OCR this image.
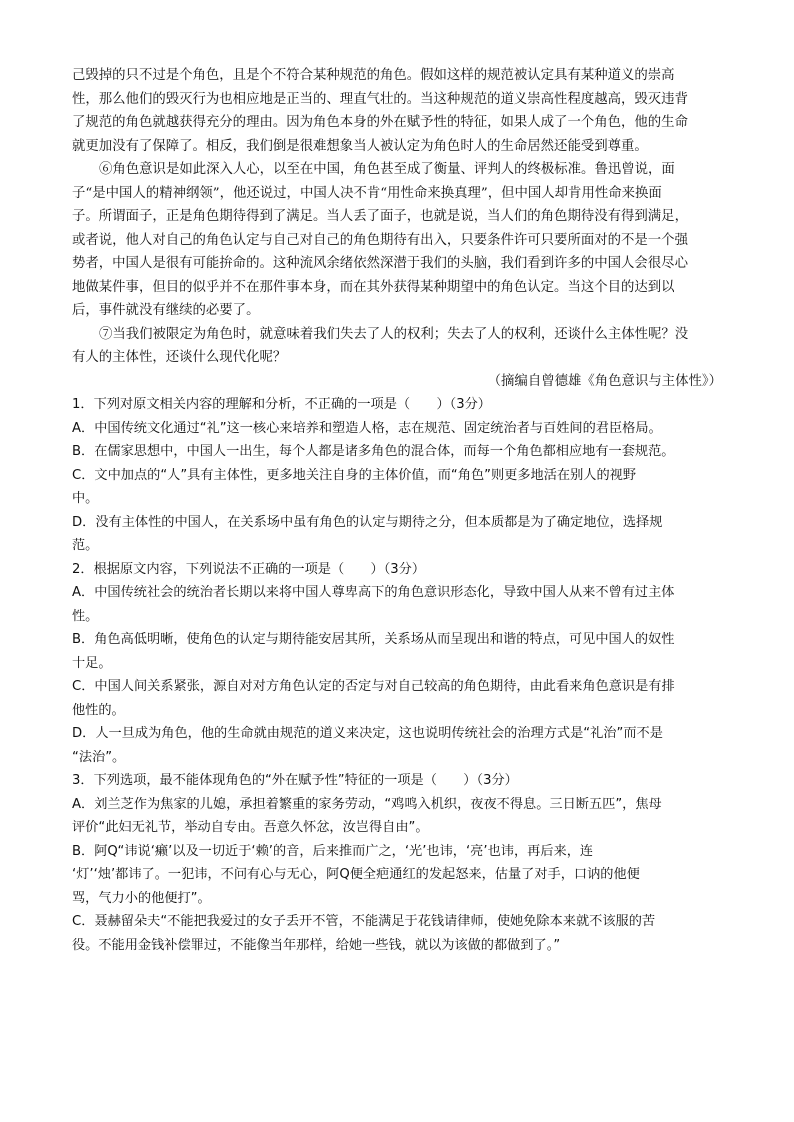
己毁掉的只不过是个角色，且是个不符合某种规范的角色。假如这样的规范被认定具有某种道义的崇高
性，那么他们的毁灭行为也相应地是正当的、理直气壮的。当这种规范的道义崇高性程度越高，毁灭违背
了规范的角色就越获得充分的理由。因为角色本身的外在赋予性的特征，如果人成了一个角色，他的生命
就更加没有了保障了。相反，我们倒是很难想象当人被认定为角色时人的生命居然还能受到尊重。
⑥角色意识是如此深入人心，以至在中国，角色甚至成了衡量、评判人的终极标准。鲁迅曾说，面
子“是中国人的精神纲领”，他还说过，中国人决不肯“用性命来换真理”，但中国人却肯用性命来换面
子。所谓面子，正是角色期待得到了满足。当人丢了面子，也就是说，当人们的角色期待没有得到满足，
或者说，他人对自己的角色认定与自己对自己的角色期待有出入，只要条件许可只要所面对的不是一个强
势者，中国人是很有可能拚命的。这种流风余绪依然深潜于我们的头脑，我们看到许多的中国人会很尽心
地做某件事，但目的似乎并不在那件事本身，而在其外获得某种期望中的角色认定。当这个目的达到以
后，事件就没有继续的必要了。
⑦当我们被限定为角色时，就意味着我们失去了人的权利；失去了人的权利，还谈什么主体性呢？没
有人的主体性，还谈什么现代化呢？
（摘编自曾德雄《角色意识与主体性》）
1．下列对原文相关内容的理解和分析，不正确的一项是（　　）（3分）
A．中国传统文化通过“礼”这一核心来培养和塑造人格，志在规范、固定统治者与百姓间的君臣格局。
B．在儒家思想中，中国人一出生，每个人都是诸多角色的混合体，而每一个角色都相应地有一套规范。
C．文中加点的“人”具有主体性，更多地关注自身的主体价值，而“角色”则更多地活在别人的视野
中。
D．没有主体性的中国人，在关系场中虽有角色的认定与期待之分，但本质都是为了确定地位，选择规
范。
2．根据原文内容，下列说法不正确的一项是（　　）（3分）
A．中国传统社会的统治者长期以来将中国人尊卑高下的角色意识形态化，导致中国人从来不曾有过主体
性。
B．角色高低明晰，使角色的认定与期待能安居其所，关系场从而呈现出和谐的特点，可见中国人的奴性
十足。
C．中国人间关系紧张，源自对对方角色认定的否定与对自己较高的角色期待，由此看来角色意识是有排
他性的。
D．人一旦成为角色，他的生命就由规范的道义来决定，这也说明传统社会的治理方式是“礼治”而不是
“法治”。
3．下列选项，最不能体现角色的“外在赋予性”特征的一项是（　　）（3分）
A．刘兰芝作为焦家的儿媳，承担着繁重的家务劳动，“鸡鸣入机织，夜夜不得息。三日断五匹”，焦母
评价“此妇无礼节，举动自专由。吾意久怀忿，汝岂得自由”。
B．阿Q“讳说‘癞’以及一切近于‘赖’的音，后来推而广之，‘光’也讳，‘亮’也讳，再后来，连
‘灯’‘烛’都讳了。一犯讳，不问有心与无心，阿Q便全疤通红的发起怒来，估量了对手，口讷的他便
骂，气力小的他便打”。
C．聂赫留朵夫“不能把我爱过的女子丢开不管，不能满足于花钱请律师，使她免除本来就不该服的苦
役。不能用金钱补偿罪过，不能像当年那样，给她一些钱，就以为该做的都做到了。”
